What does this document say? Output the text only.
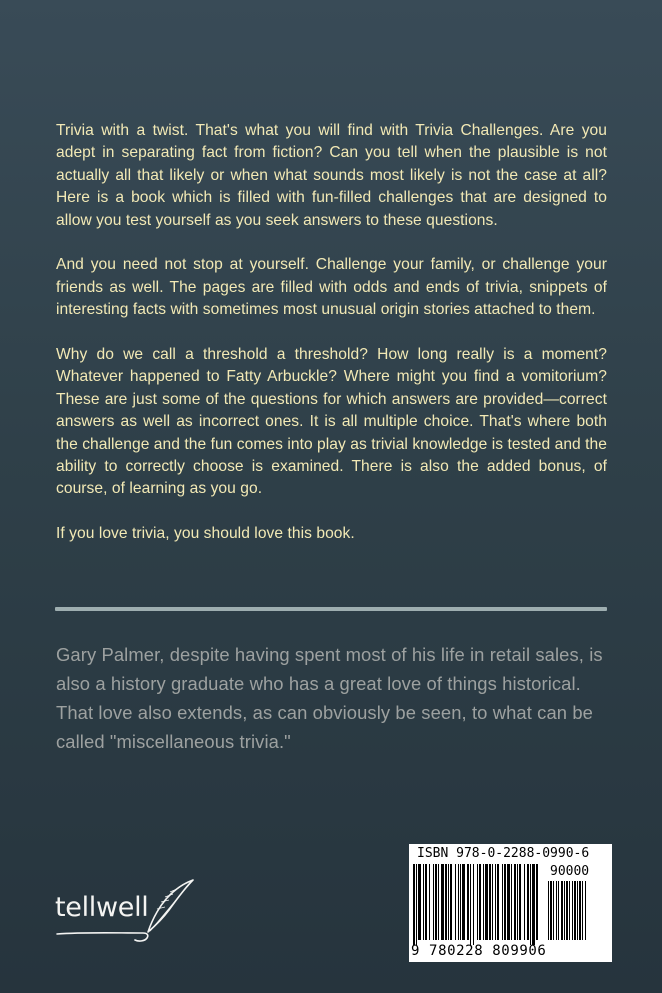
Trivia with a twist. That's what you will find with Trivia Challenges. Are you adept in separating fact from fiction? Can you tell when the plausible is not actually all that likely or when what sounds most likely is not the case at all? Here is a book which is filled with fun-filled challenges that are designed to allow you test yourself as you seek answers to these questions.

And you need not stop at yourself. Challenge your family, or challenge your friends as well. The pages are filled with odds and ends of trivia, snippets of interesting facts with sometimes most unusual origin stories attached to them.

Why do we call a threshold a threshold? How long really is a moment? Whatever happened to Fatty Arbuckle? Where might you find a vomitorium? These are just some of the questions for which answers are provided—correct answers as well as incorrect ones. It is all multiple choice. That's where both the challenge and the fun comes into play as trivial knowledge is tested and the ability to correctly choose is examined. There is also the added bonus, of course, of learning as you go.

If you love trivia, you should love this book.

Gary Palmer, despite having spent most of his life in retail sales, is also a history graduate who has a great love of things historical. That love also extends, as can obviously be seen, to what can be called "miscellaneous trivia."

tellwell
ISBN 978-0-2288-0990-6
90000
9 780228 809906
